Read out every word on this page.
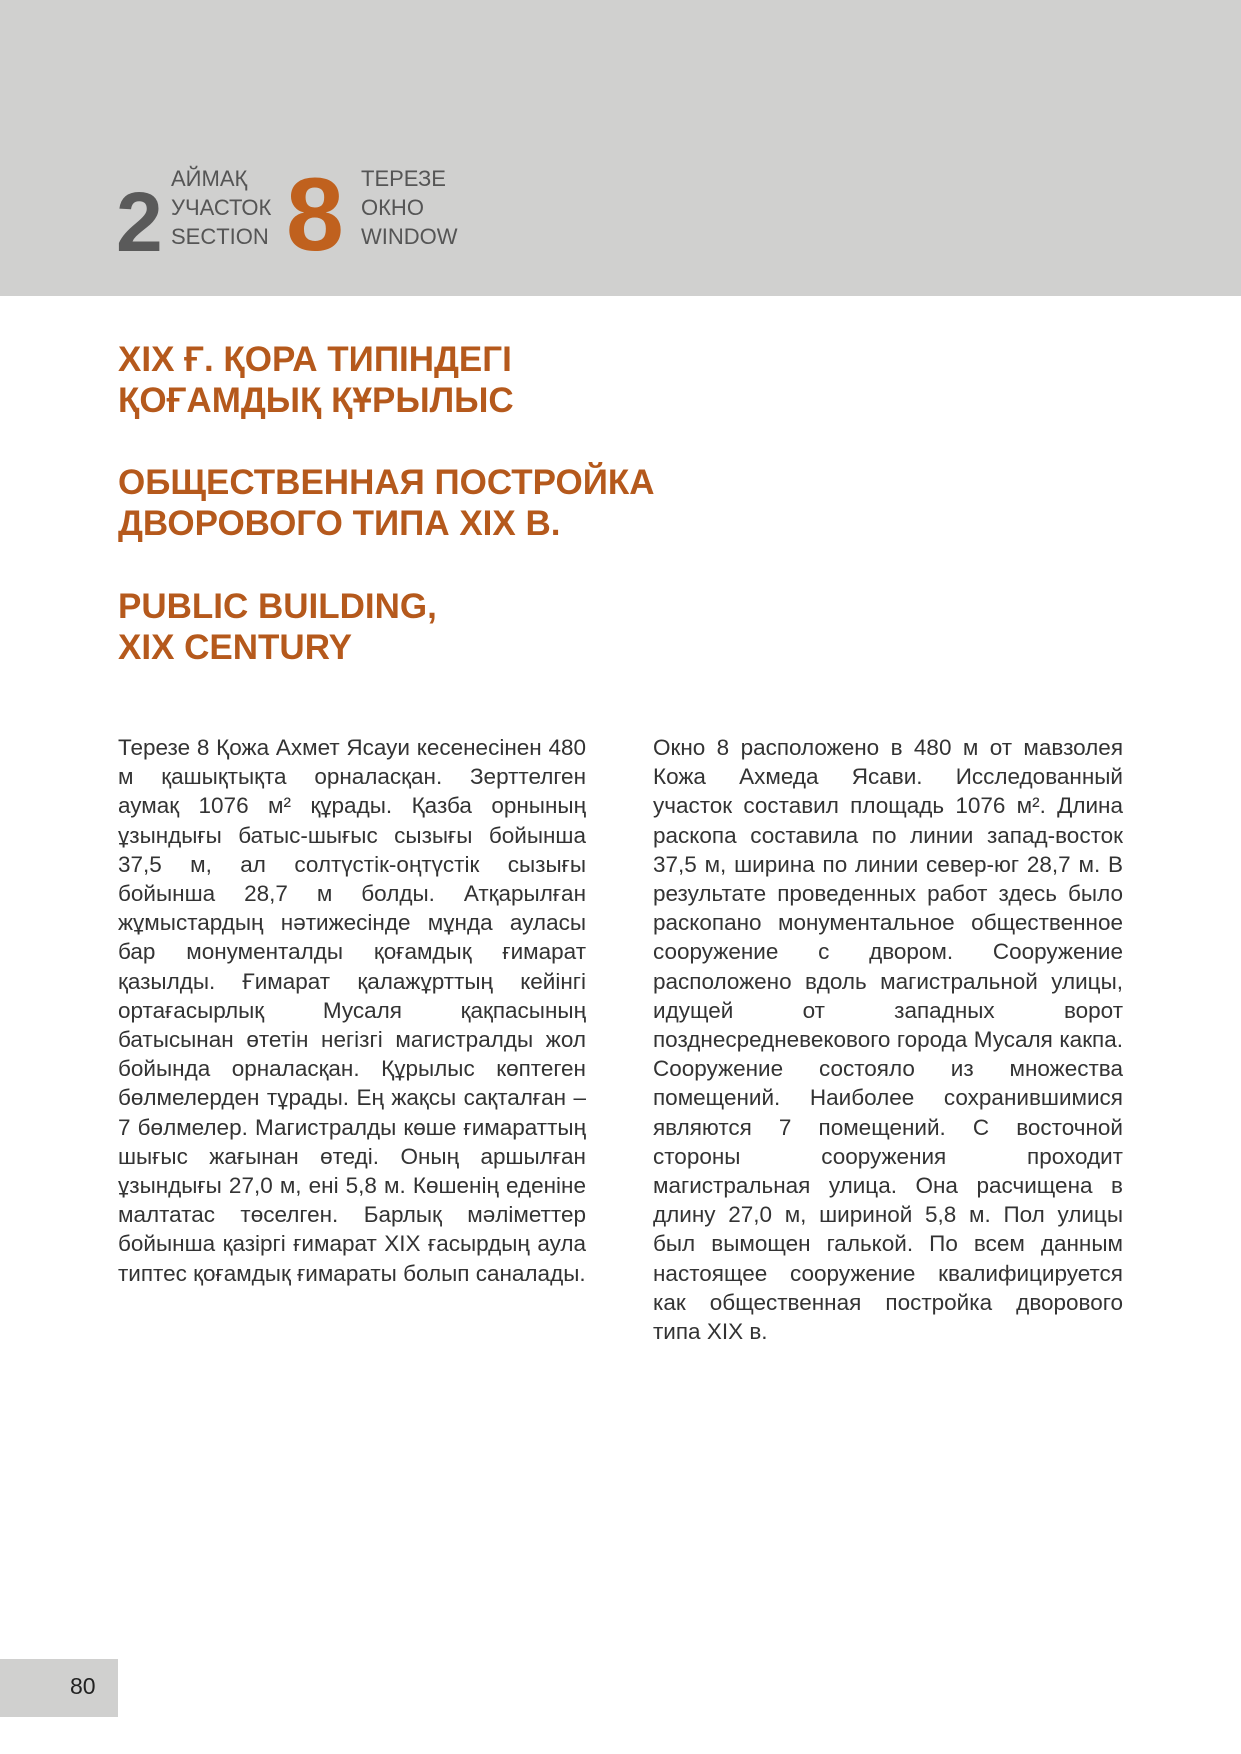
2 АЙМАҚ
УЧАСТОК
SECTION 8 ТЕРЕЗЕ
ОКНО
WINDOW
XIX Ғ. ҚОРА ТИПІНДЕГІ
ҚОҒАМДЫҚ ҚҰРЫЛЫС
ОБЩЕСТВЕННАЯ ПОСТРОЙКА
ДВОРОВОГО ТИПА XIX В.
PUBLIC BUILDING,
XIX CENTURY
Терезе 8 Қожа Ахмет Ясауи кесенесінен 480 м қашықтықта орналасқан. Зерттелген аумақ 1076 м² құрады. Қазба орнының ұзындығы батыс-шығыс сызығы бойынша 37,5 м, ал солтүстік-оңтүстік сызығы бойынша 28,7 м болды. Атқарылған жұмыстардың нәтижесінде мұнда ауласы бар монументалды қоғамдық ғимарат қазылды. Ғимарат қалажұрттың кейінгі ортағасырлық Мусаля қақпасының батысынан өтетін негізгі магистралды жол бойында орналасқан. Құрылыс көптеген бөлмелерден тұрады. Ең жақсы сақталған – 7 бөлмелер. Магистралды көше ғимараттың шығыс жағынан өтеді. Оның аршылған ұзындығы 27,0 м, ені 5,8 м. Көшенің еденіне малтатас төселген. Барлық мәліметтер бойынша қазіргі ғимарат XIX ғасырдың аула типтес қоғамдық ғимараты болып саналады.
Окно 8 расположено в 480 м от мавзолея Кожа Ахмеда Ясави. Исследованный участок составил площадь 1076 м². Длина раскопа составила по линии запад-восток 37,5 м, ширина по линии север-юг 28,7 м. В результате проведенных работ здесь было раскопано монументальное общественное сооружение с двором. Сооружение расположено вдоль магистральной улицы, идущей от западных ворот позднесредневекового города Мусаля какпа. Сооружение состояло из множества помещений. Наиболее сохранившимися являются 7 помещений. С восточной стороны сооружения проходит магистральная улица. Она расчищена в длину 27,0 м, шириной 5,8 м. Пол улицы был вымощен галькой. По всем данным настоящее сооружение квалифицируется как общественная постройка дворового типа XIX в.
80
